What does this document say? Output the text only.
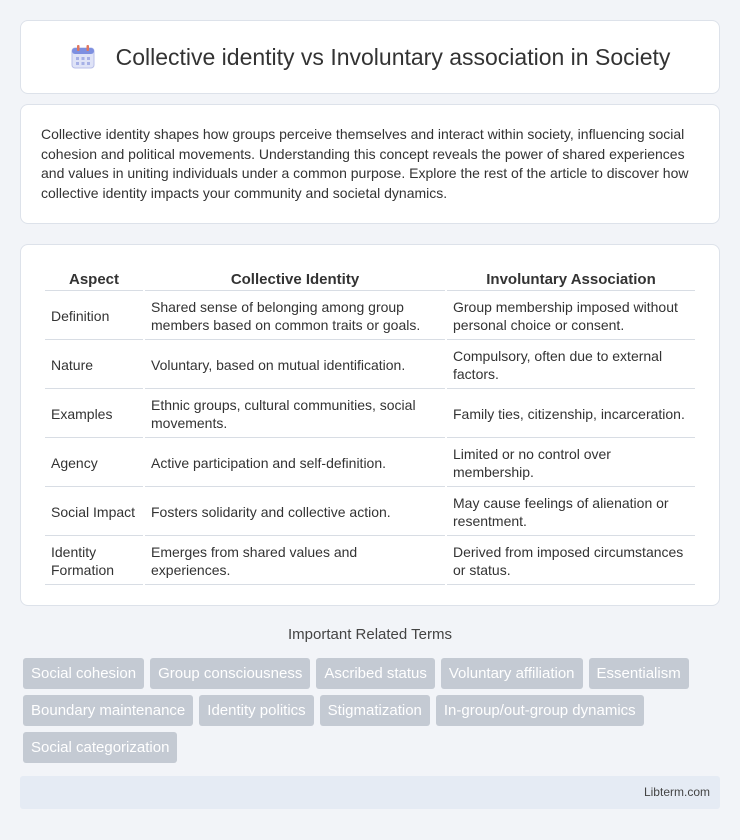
Collective identity vs Involuntary association in Society

Collective identity shapes how groups perceive themselves and interact within society, influencing social cohesion and political movements. Understanding this concept reveals the power of shared experiences and values in uniting individuals under a common purpose. Explore the rest of the article to discover how collective identity impacts your community and societal dynamics.

Aspect	Collective Identity	Involuntary Association
Definition	Shared sense of belonging among group members based on common traits or goals.	Group membership imposed without personal choice or consent.
Nature	Voluntary, based on mutual identification.	Compulsory, often due to external factors.
Examples	Ethnic groups, cultural communities, social movements.	Family ties, citizenship, incarceration.
Agency	Active participation and self-definition.	Limited or no control over membership.
Social Impact	Fosters solidarity and collective action.	May cause feelings of alienation or resentment.
Identity Formation	Emerges from shared values and experiences.	Derived from imposed circumstances or status.
Important Related Terms
Social cohesion	Group consciousness	Ascribed status	Voluntary affiliation	Essentialism
Boundary maintenance	Identity politics	Stigmatization	In-group/out-group dynamics
Social categorization
Libterm.com
